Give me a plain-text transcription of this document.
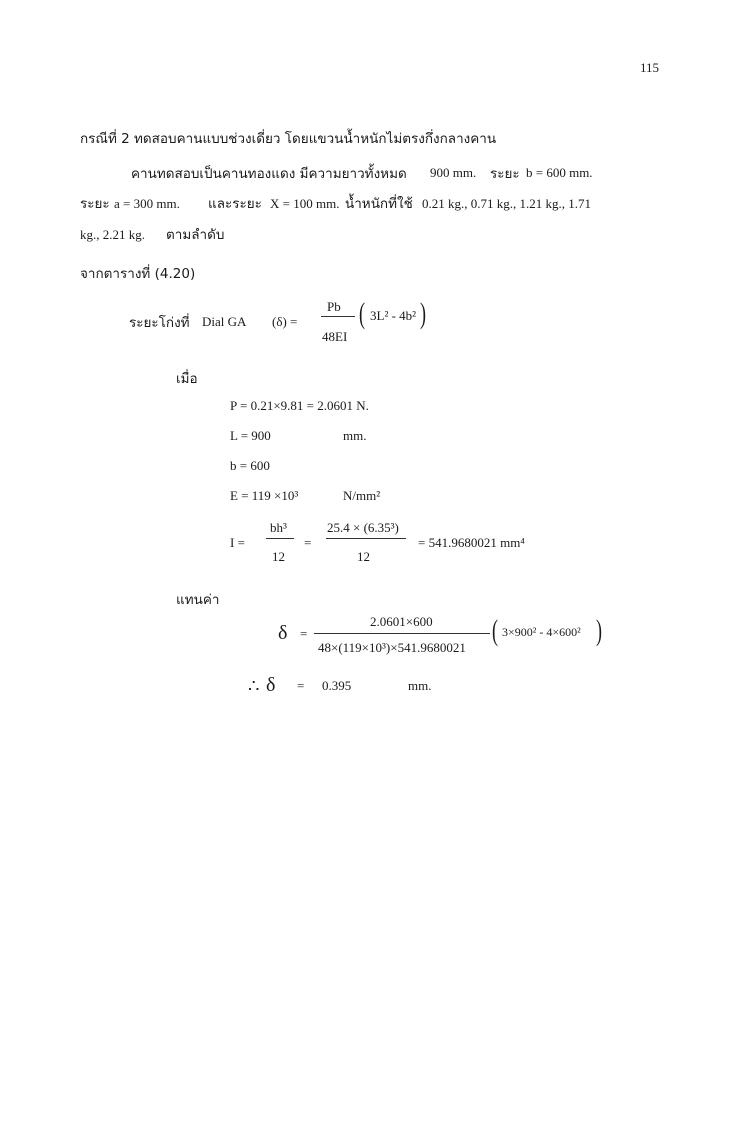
115
กรณีที่ 2 ทดสอบคานแบบช่วงเดี่ยว โดยแขวนน้ำหนักไม่ตรงกึ่งกลางคาน
คานทดสอบเป็นคานทองแดง มีความยาวทั้งหมด 900 mm. ระยะ b = 600 mm.
ระยะ a = 300 mm. และระยะ X = 100 mm. น้ำหนักที่ใช้ 0.21 kg., 0.71 kg., 1.21 kg., 1.71
kg., 2.21 kg. ตามลำดับ
จากตารางที่ (4.20)
ระยะโก่งที่ Dial GA (δ) =
Pb
48EI
( 3L² - 4b² )
เมื่อ
P = 0.21×9.81 = 2.0601 N.
L = 900	mm.
b = 600
E = 119 ×10³	N/mm²
I =
bh³
12
=
25.4 × (6.35³)
12
= 541.9680021 mm⁴
แทนค่า
δ =
2.0601×600
48×(119×10³)×541.9680021
( 3×900² - 4×600² )
∴ δ = 0.395	mm.
